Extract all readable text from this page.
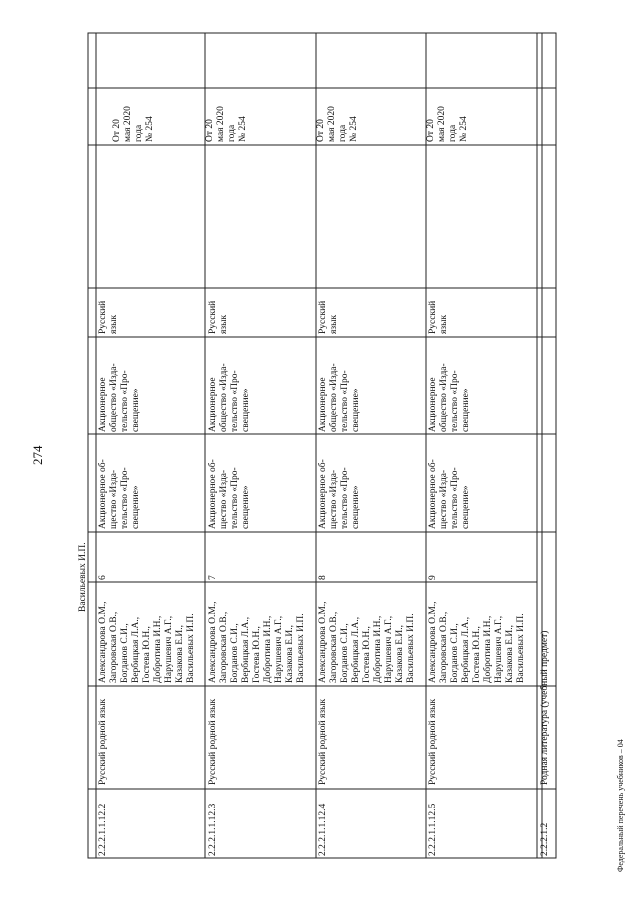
274
Федеральный перечень учебников – 04
Васильевых И.П.
2.2.2.1.1.12.2
Русский родной язык
Александрова О.М., Загоровская О.В., Богданов С.И., Вербицкая Л.А., Гостева Ю.Н., Добротина И.Н., Нарушевич А.Г., Казакова Е.И., Васильевых И.П.
6
Акционерное об- щество «Изда- тельство «Про- свещение»
Акционерное общество «Изда- тельство «Про- свещение»
Русский язык
От 20 мая 2020 года № 254
2.2.2.1.1.12.3
Русский родной язык
Александрова О.М., Загоровская О.В., Богданов С.И., Вербицкая Л.А., Гостева Ю.Н., Добротина И.Н., Нарушевич А.Г., Казакова Е.И., Васильевых И.П.
7
Акционерное об- щество «Изда- тельство «Про- свещение»
Акционерное общество «Изда- тельство «Про- свещение»
Русский язык
От 20 мая 2020 года № 254
2.2.2.1.1.12.4
Русский родной язык
Александрова О.М., Загоровская О.В., Богданов С.И., Вербицкая Л.А., Гостева Ю.Н., Добротина И.Н., Нарушевич А.Г., Казакова Е.И., Васильевых И.П.
8
Акционерное об- щество «Изда- тельство «Про- свещение»
Акционерное общество «Изда- тельство «Про- свещение»
Русский язык
От 20 мая 2020 года № 254
2.2.2.1.1.12.5
Русский родной язык
Александрова О.М., Загоровская О.В., Богданов С.И., Вербицкая Л.А., Гостева Ю.Н., Добротина И.Н., Нарушевич А.Г., Казакова Е.И., Васильевых И.П.
9
Акционерное об- щество «Изда- тельство «Про- свещение»
Акционерное общество «Изда- тельство «Про- свещение»
Русский язык
От 20 мая 2020 года № 254
2.2.2.1.2
Родная литература (учебный предмет)
